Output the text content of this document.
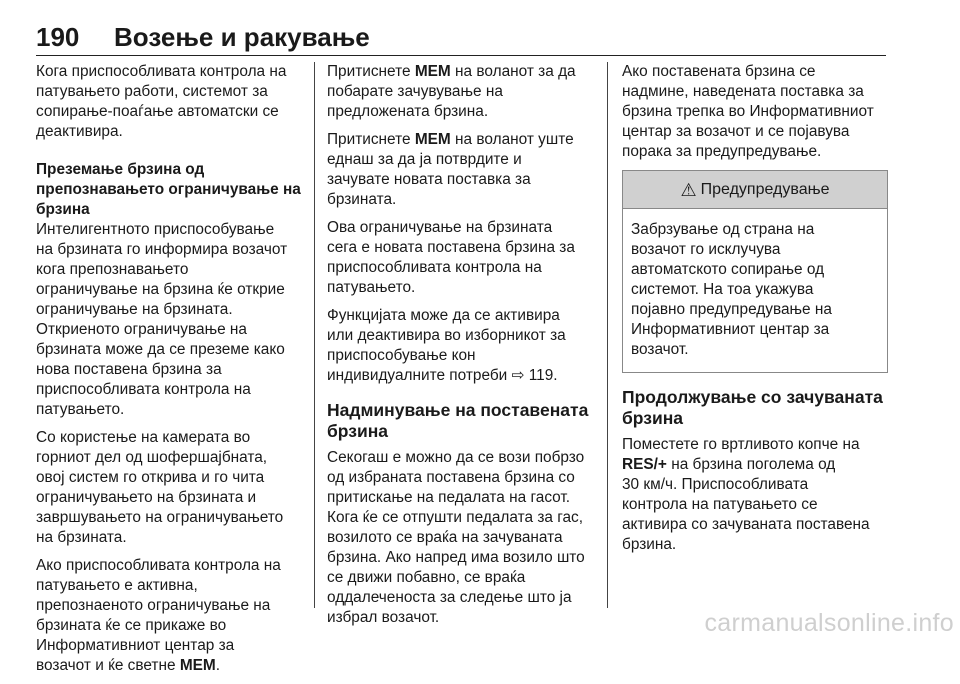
190 Возење и ракување
Кога приспособливата контрола на
патувањето работи, системот за
сопирање-поаѓање автоматски се
деактивира.
Преземање брзина од
препознавањето ограничување на
брзина
Интелигентното приспособување
на брзината го информира возачот
кога препознавањето
ограничување на брзина ќе открие
ограничување на брзината.
Откриеното ограничување на
брзината може да се преземе како
нова поставена брзина за
приспособливата контрола на
патувањето.
Со користење на камерата во
горниот дел од шофершајбната,
овој систем го открива и го чита
ограничувањето на брзината и
завршувањето на ограничувањето
на брзината.
Ако приспособливата контрола на
патувањето е активна,
препознаеното ограничување на
брзината ќе се прикаже во
Информативниот центар за
возачот и ќе светне MEM.
Притиснете MEM на воланот за да
побарате зачувување на
предложената брзина.
Притиснете MEM на воланот уште
еднаш за да ја потврдите и
зачувате новата поставка за
брзината.
Ова ограничување на брзината
сега е новата поставена брзина за
приспособливата контрола на
патувањето.
Функцијата може да се активира
или деактивира во изборникот за
приспособување кон
индивидуалните потреби ⇨ 119.
Надминување на поставената
брзина
Секогаш е можно да се вози побрзо
од избраната поставена брзина со
притискање на педалата на гасот.
Кога ќе се отпушти педалата за гас,
возилото се враќа на зачуваната
брзина. Ако напред има возило што
се движи побавно, се враќа
оддалеченоста за следење што ја
избрал возачот.
Ако поставената брзина се
надмине, наведената поставка за
брзина трепка во Информативниот
центар за возачот и се појавува
порака за предупредување.
⚠ Предупредување
Забрзување од страна на
возачот го исклучува
автоматското сопирање од
системот. На тоа укажува
појавно предупредување на
Информативниот центар за
возачот.
Продолжување со зачуваната
брзина
Поместете го вртливото копче на
RES/+ на брзина поголема од
30 км/ч. Приспособливата
контрола на патувањето се
активира со зачуваната поставена
брзина.
carmanualsonline.info
